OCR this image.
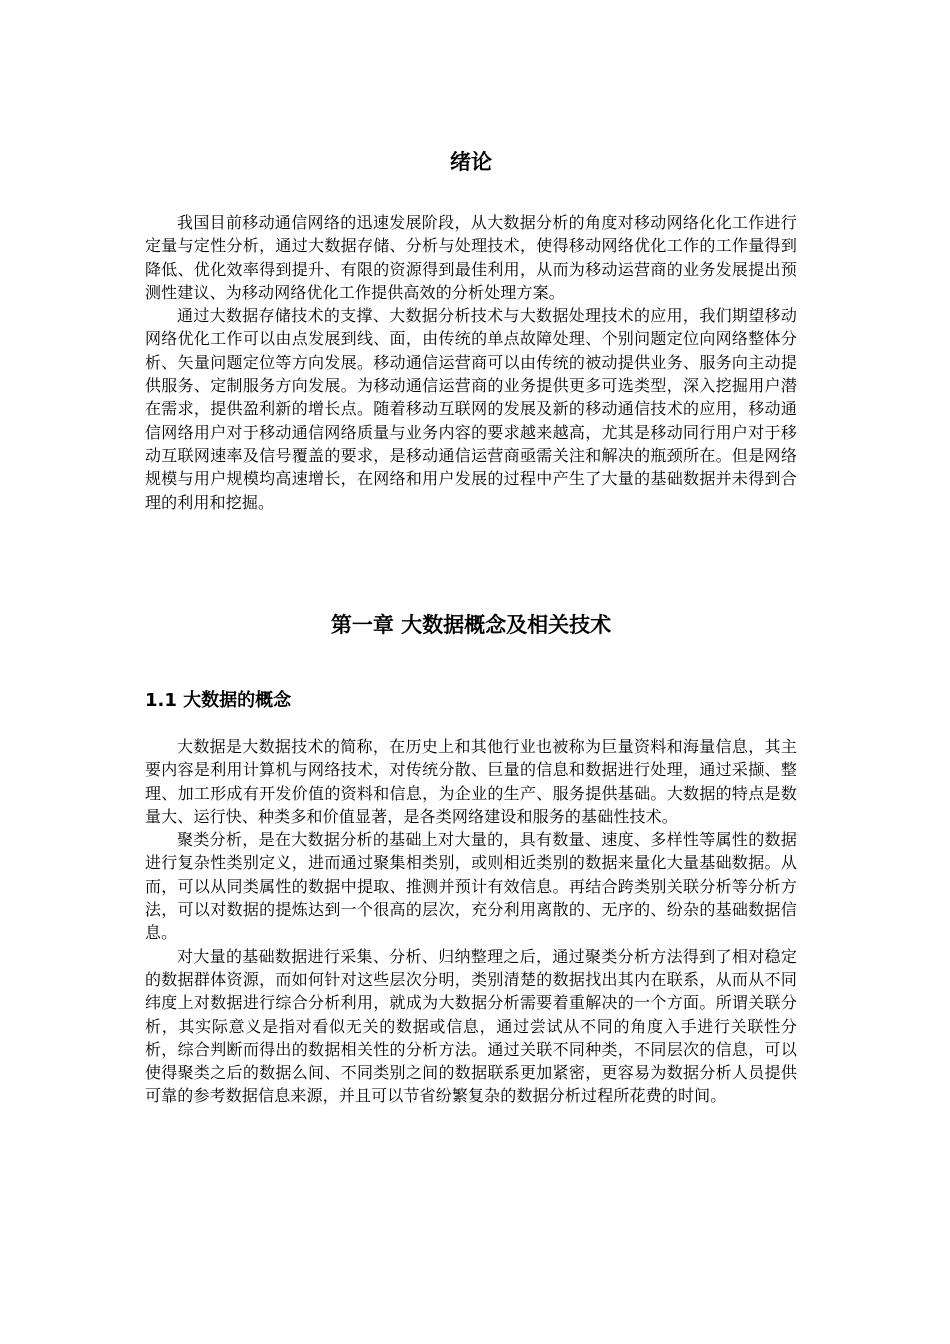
绪论

我国目前移动通信网络的迅速发展阶段，从大数据分析的角度对移动网络化化工作进行定量与定性分析，通过大数据存储、分析与处理技术，使得移动网络优化工作的工作量得到降低、优化效率得到提升、有限的资源得到最佳利用，从而为移动运营商的业务发展提出预测性建议、为移动网络优化工作提供高效的分析处理方案。

通过大数据存储技术的支撑、大数据分析技术与大数据处理技术的应用，我们期望移动网络优化工作可以由点发展到线、面，由传统的单点故障处理、个别问题定位向网络整体分析、矢量问题定位等方向发展。移动通信运营商可以由传统的被动提供业务、服务向主动提供服务、定制服务方向发展。为移动通信运营商的业务提供更多可选类型，深入挖掘用户潜在需求，提供盈利新的增长点。随着移动互联网的发展及新的移动通信技术的应用，移动通信网络用户对于移动通信网络质量与业务内容的要求越来越高，尤其是移动同行用户对于移动互联网速率及信号覆盖的要求，是移动通信运营商亟需关注和解决的瓶颈所在。但是网络规模与用户规模均高速增长，在网络和用户发展的过程中产生了大量的基础数据并未得到合理的利用和挖掘。

第一章 大数据概念及相关技术
1.1 大数据的概念

大数据是大数据技术的简称，在历史上和其他行业也被称为巨量资料和海量信息，其主要内容是利用计算机与网络技术，对传统分散、巨量的信息和数据进行处理，通过采撷、整理、加工形成有开发价值的资料和信息，为企业的生产、服务提供基础。大数据的特点是数量大、运行快、种类多和价值显著，是各类网络建设和服务的基础性技术。

聚类分析，是在大数据分析的基础上对大量的，具有数量、速度、多样性等属性的数据进行复杂性类别定义，进而通过聚集相类别，或则相近类别的数据来量化大量基础数据。从而，可以从同类属性的数据中提取、推测并预计有效信息。再结合跨类别关联分析等分析方法，可以对数据的提炼达到一个很高的层次，充分利用离散的、无序的、纷杂的基础数据信息。

对大量的基础数据进行采集、分析、归纳整理之后，通过聚类分析方法得到了相对稳定的数据群体资源，而如何针对这些层次分明，类别清楚的数据找出其内在联系，从而从不同纬度上对数据进行综合分析利用，就成为大数据分析需要着重解决的一个方面。所谓关联分析，其实际意义是指对看似无关的数据或信息，通过尝试从不同的角度入手进行关联性分析，综合判断而得出的数据相关性的分析方法。通过关联不同种类，不同层次的信息，可以使得聚类之后的数据么间、不同类别之间的数据联系更加紧密，更容易为数据分析人员提供可靠的参考数据信息来源，并且可以节省纷繁复杂的数据分析过程所花费的时间。
